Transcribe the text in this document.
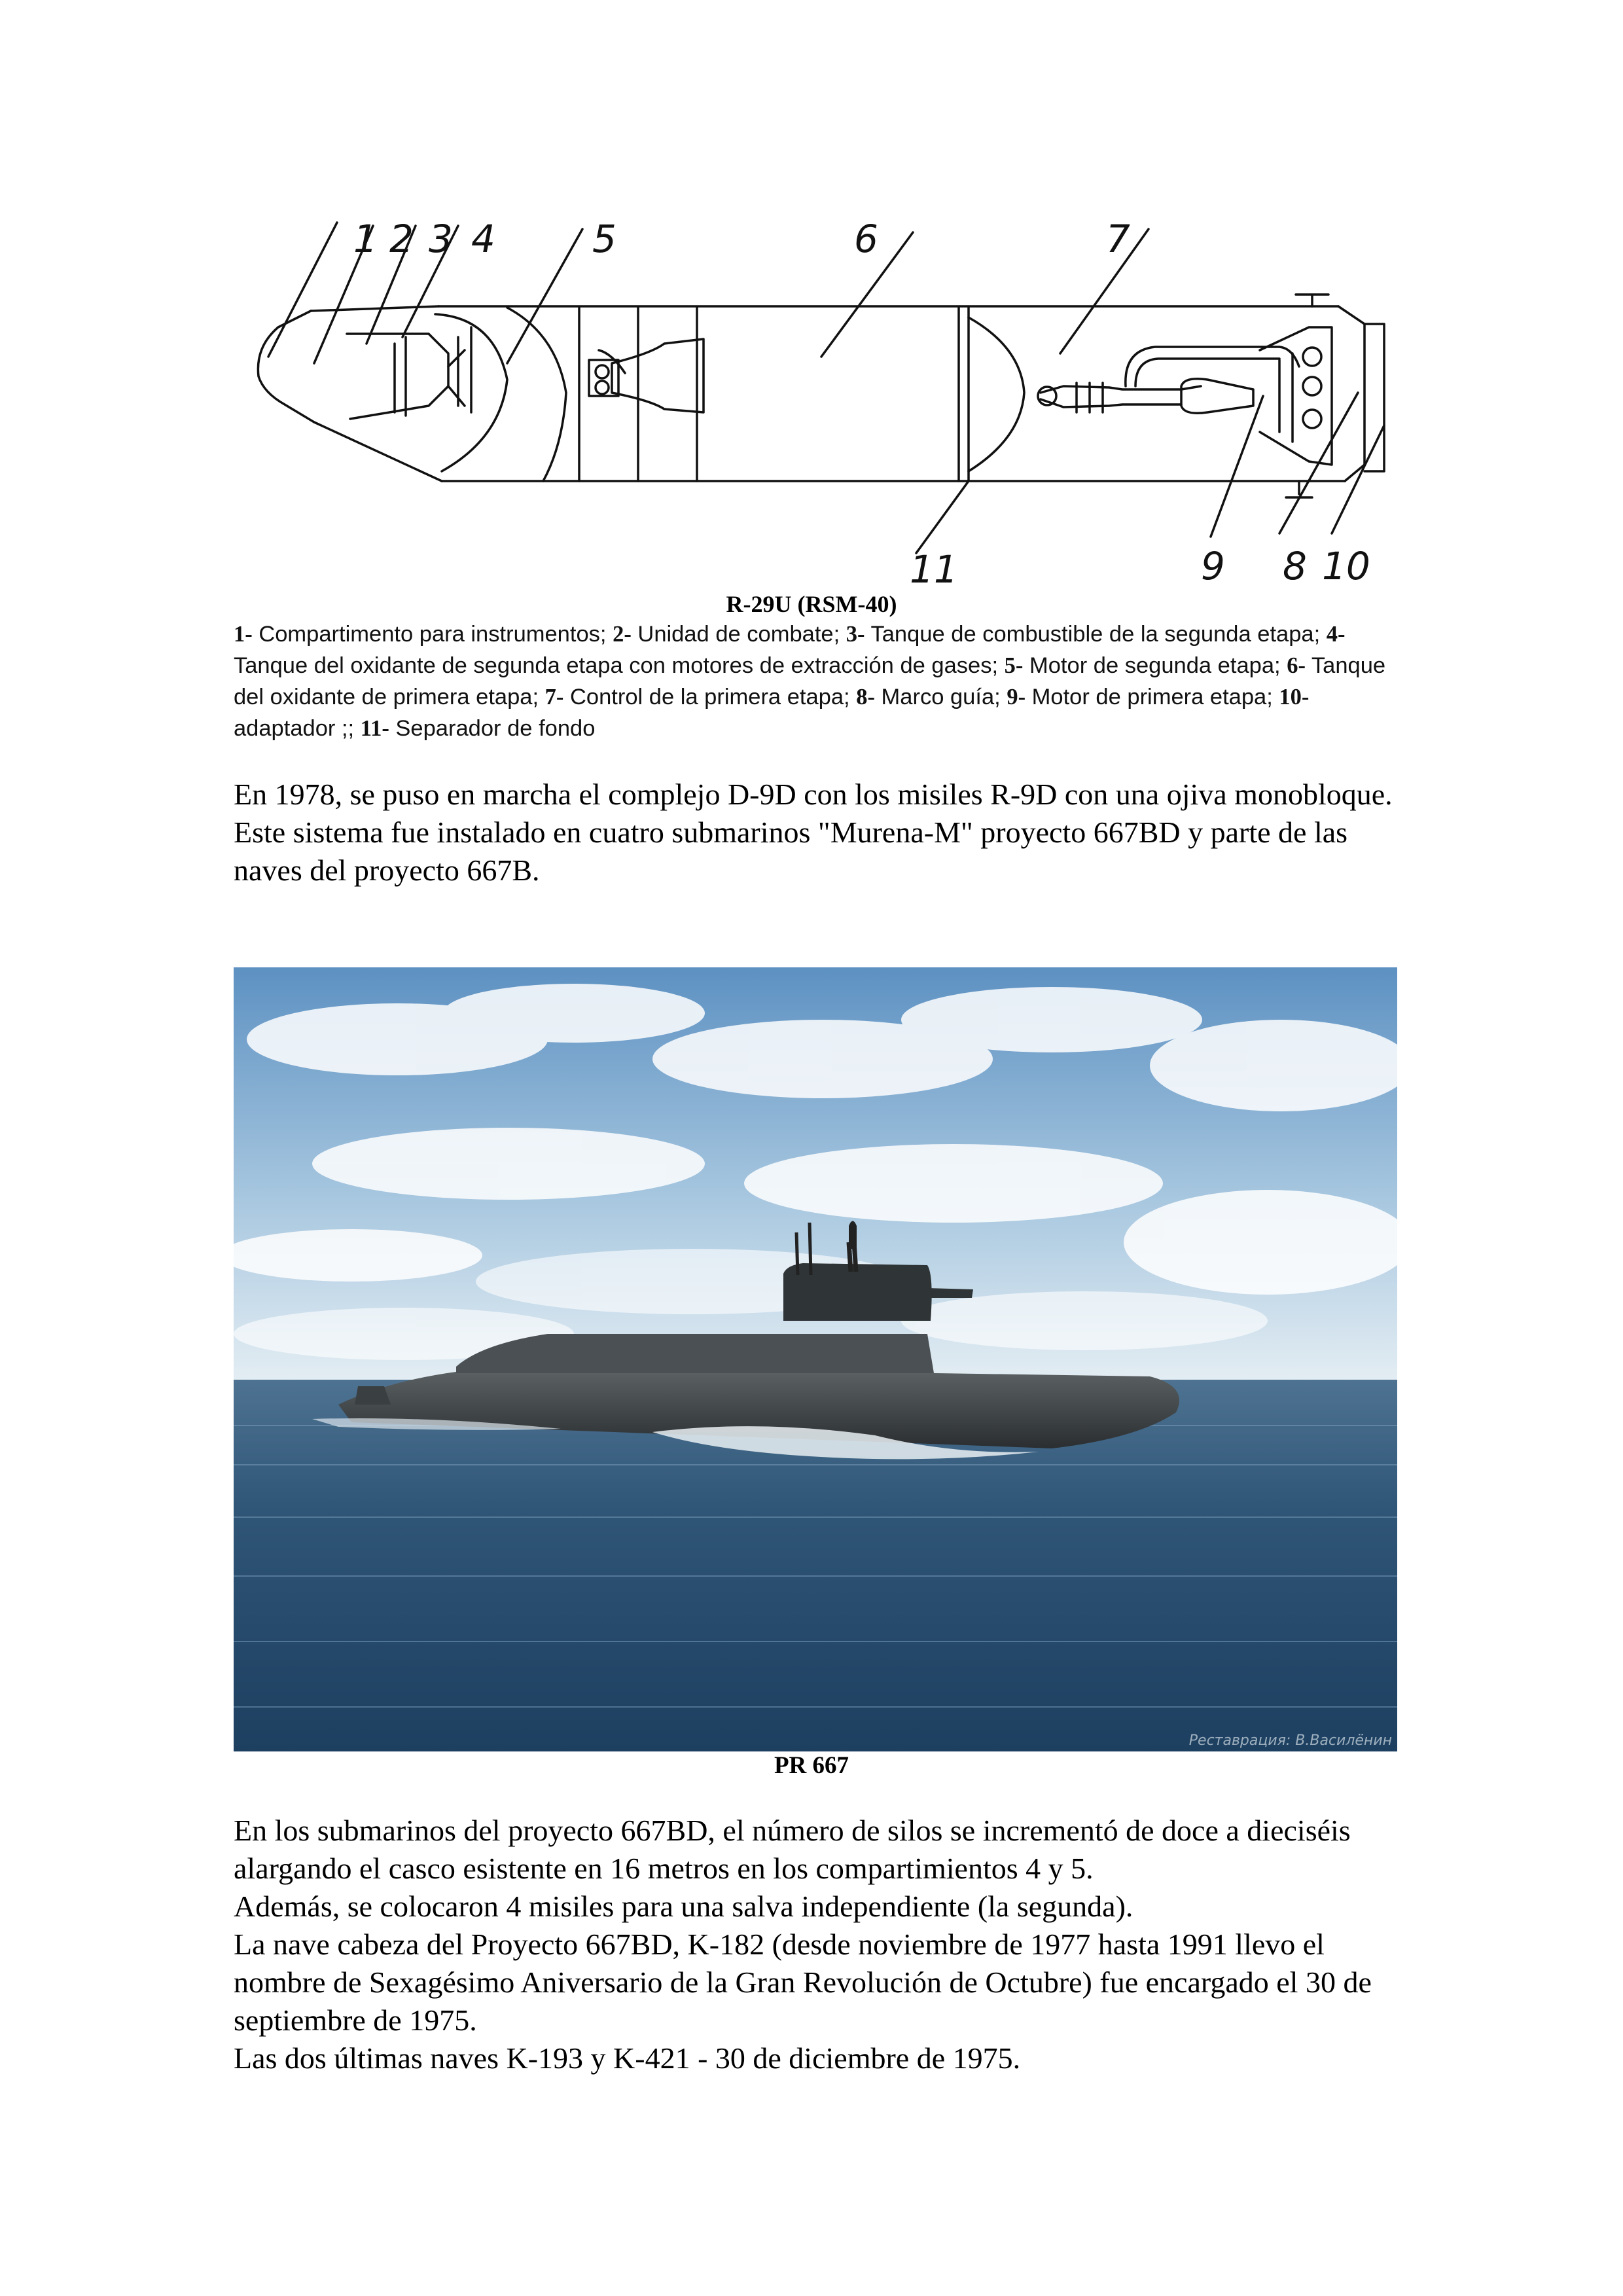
1 2 3 4	5	6	7
11	9 8 10
R-29U (RSM-40)
1- Compartimento para instrumentos; 2- Unidad de combate; 3- Tanque de combustible de la segunda etapa; 4- Tanque del oxidante de segunda etapa con motores de extracción de gases; 5- Motor de segunda etapa; 6- Tanque del oxidante de primera etapa; 7- Control de la primera etapa; 8- Marco guía; 9- Motor de primera etapa; 10- adaptador ;; 11- Separador de fondo

En 1978, se puso en marcha el complejo D-9D con los misiles R-9D con una ojiva monobloque.

Este sistema fue instalado en cuatro submarinos "Murena-M" proyecto 667BD y parte de las naves del proyecto 667B.

Реставрация: В.Василёнин
PR 667

En los submarinos del proyecto 667BD, el número de silos se incrementó de doce a dieciséis alargando el casco esistente en 16 metros en los compartimientos 4 y 5.

Además, se colocaron 4 misiles para una salva independiente (la segunda).

La nave cabeza del Proyecto 667BD, K-182 (desde noviembre de 1977 hasta 1991 llevo el nombre de Sexagésimo Aniversario de la Gran Revolución de Octubre) fue encargado el 30 de septiembre de 1975.

Las dos últimas naves K-193 y K-421 - 30 de diciembre de 1975.
